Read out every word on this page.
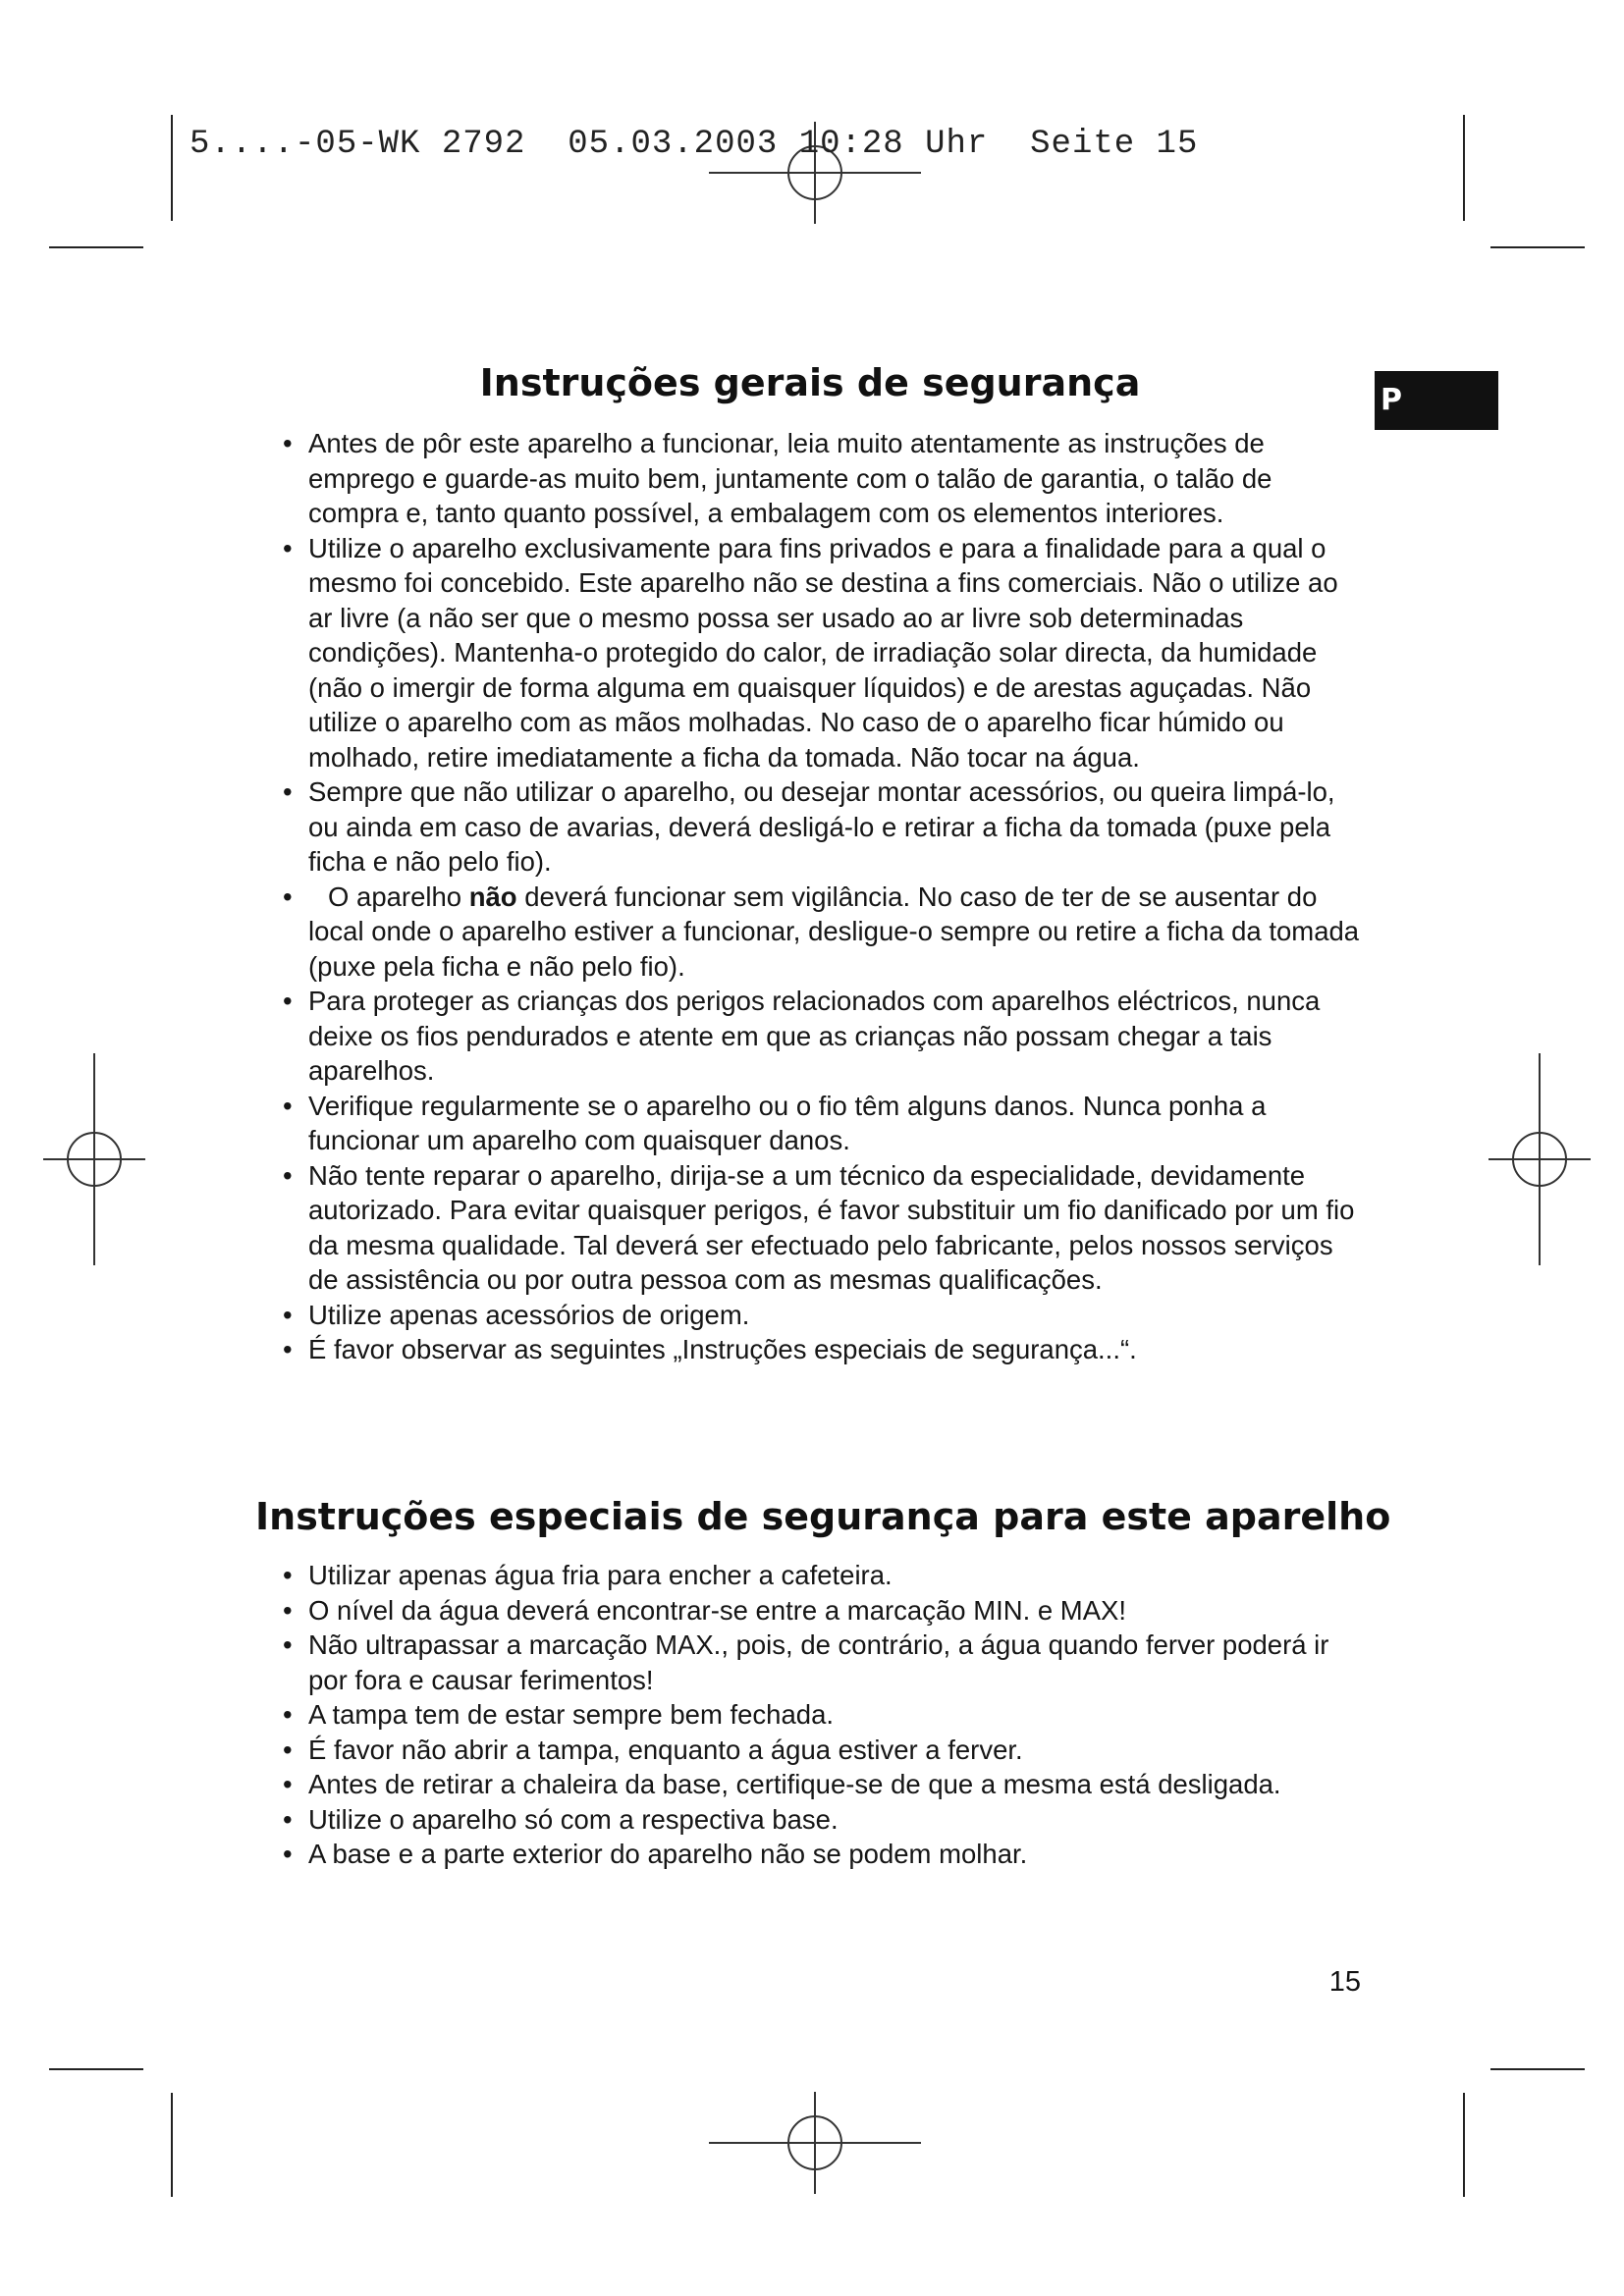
5....-05-WK 2792  05.03.2003 10:28 Uhr  Seite 15
P
Instruções gerais de segurança
• Antes de pôr este aparelho a funcionar, leia muito atentamente as instruções de emprego e guarde-as muito bem, juntamente com o talão de garantia, o talão de compra e, tanto quanto possível, a embalagem com os elementos interiores.
• Utilize o aparelho exclusivamente para fins privados e para a finalidade para a qual o mesmo foi concebido. Este aparelho não se destina a fins comerciais. Não o utilize ao ar livre (a não ser que o mesmo possa ser usado ao ar livre sob determinadas condições). Mantenha-o protegido do calor, de irradiação solar directa, da humidade (não o imergir de forma alguma em quaisquer líquidos) e de arestas aguçadas. Não utilize o aparelho com as mãos molhadas. No caso de o aparelho ficar húmido ou molhado, retire imediatamente a ficha da tomada. Não tocar na água.
• Sempre que não utilizar o aparelho, ou desejar montar acessórios, ou queira limpá-lo, ou ainda em caso de avarias, deverá desligá-lo e retirar a ficha da tomada (puxe pela ficha e não pelo fio).
• O aparelho não deverá funcionar sem vigilância. No caso de ter de se ausentar do local onde o aparelho estiver a funcionar, desligue-o sempre ou retire a ficha da tomada (puxe pela ficha e não pelo fio).
• Para proteger as crianças dos perigos relacionados com aparelhos eléctricos, nunca deixe os fios pendurados e atente em que as crianças não possam chegar a tais aparelhos.
• Verifique regularmente se o aparelho ou o fio têm alguns danos. Nunca ponha a funcionar um aparelho com quaisquer danos.
• Não tente reparar o aparelho, dirija-se a um técnico da especialidade, devidamente autorizado. Para evitar quaisquer perigos, é favor substituir um fio danificado por um fio da mesma qualidade. Tal deverá ser efectuado pelo fabricante, pelos nossos serviços de assistência ou por outra pessoa com as mesmas qualificações.
• Utilize apenas acessórios de origem.
• É favor observar as seguintes „Instruções especiais de segurança...“.
Instruções especiais de segurança para este aparelho
• Utilizar apenas água fria para encher a cafeteira.
• O nível da água deverá encontrar-se entre a marcação MIN. e MAX!
• Não ultrapassar a marcação MAX., pois, de contrário, a água quando ferver poderá ir por fora e causar ferimentos!
• A tampa tem de estar sempre bem fechada.
• É favor não abrir a tampa, enquanto a água estiver a ferver.
• Antes de retirar a chaleira da base, certifique-se de que a mesma está desligada.
• Utilize o aparelho só com a respectiva base.
• A base e a parte exterior do aparelho não se podem molhar.
15
